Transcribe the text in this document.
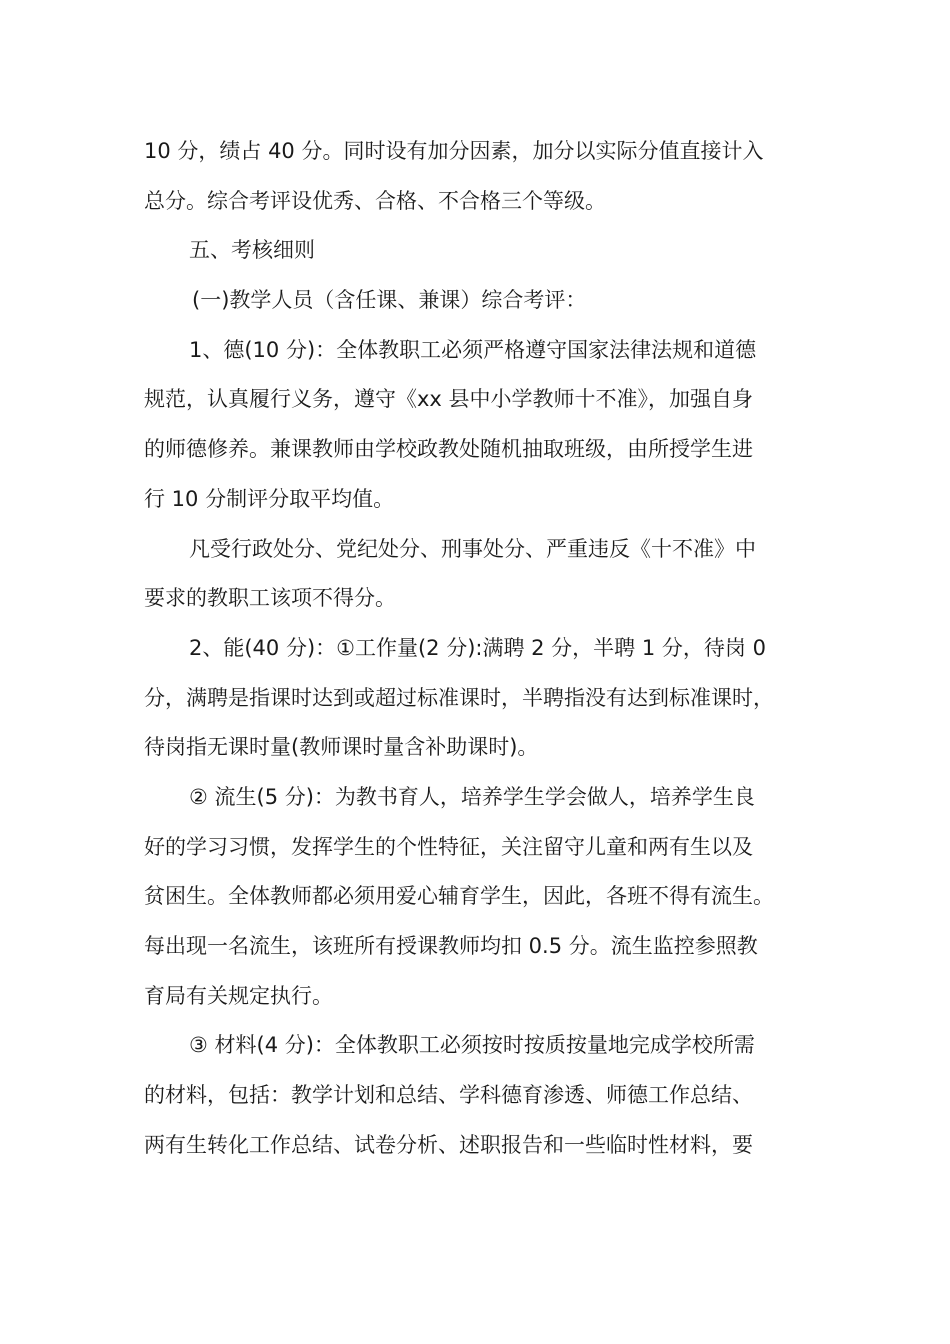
10 分，绩占 40 分。同时设有加分因素，加分以实际分值直接计入
总分。综合考评设优秀、合格、不合格三个等级。
五、考核细则
(一)教学人员（含任课、兼课）综合考评：
1、德(10 分)：全体教职工必须严格遵守国家法律法规和道德
规范，认真履行义务，遵守《xx 县中小学教师十不准》，加强自身
的师德修养。兼课教师由学校政教处随机抽取班级，由所授学生进
行 10 分制评分取平均值。
凡受行政处分、党纪处分、刑事处分、严重违反《十不准》中
要求的教职工该项不得分。
2、能(40 分)：①工作量(2 分):满聘 2 分，半聘 1 分，待岗 0
分，满聘是指课时达到或超过标准课时，半聘指没有达到标准课时，
待岗指无课时量(教师课时量含补助课时)。
② 流生(5 分)：为教书育人，培养学生学会做人，培养学生良
好的学习习惯，发挥学生的个性特征，关注留守儿童和两有生以及
贫困生。全体教师都必须用爱心辅育学生，因此，各班不得有流生。
每出现一名流生，该班所有授课教师均扣 0.5 分。流生监控参照教
育局有关规定执行。
③ 材料(4 分)：全体教职工必须按时按质按量地完成学校所需
的材料，包括：教学计划和总结、学科德育渗透、师德工作总结、
两有生转化工作总结、试卷分析、述职报告和一些临时性材料，要
